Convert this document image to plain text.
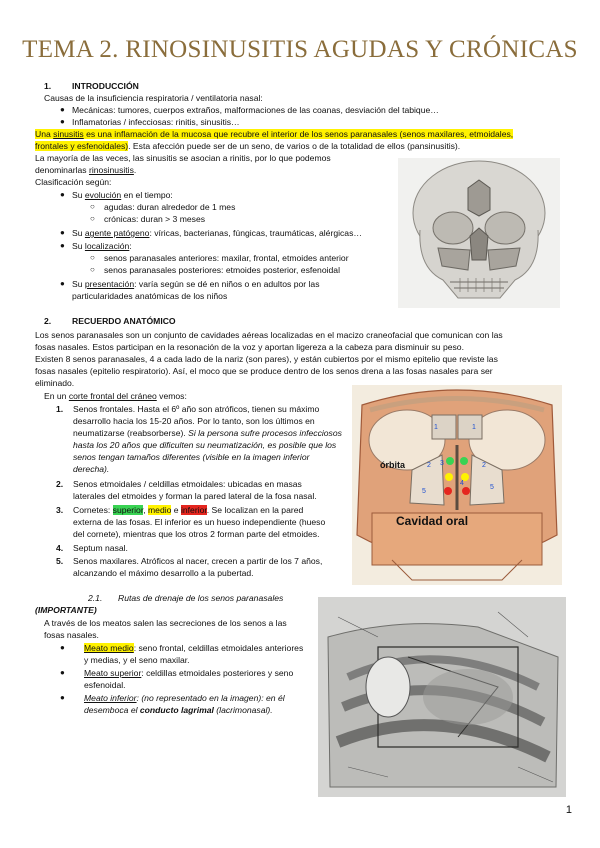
TEMA 2. RINOSINUSITIS AGUDAS Y CRÓNICAS
1. INTRODUCCIÓN
Causas de la insuficiencia respiratoria / ventilatoria nasal:
● Mecánicas: tumores, cuerpos extraños, malformaciones de las coanas, desviación del tabique…
● Inflamatorias / infecciosas: rinitis, sinusitis…
Una sinusitis es una inflamación de la mucosa que recubre el interior de los senos paranasales (senos maxilares, etmoidales,
frontales y esfenoidales). Esta afección puede ser de un seno, de varios o de la totalidad de ellos (pansinusitis).
La mayoría de las veces, las sinusitis se asocian a rinitis, por lo que podemos
denominarlas rinosinusitis.
Clasificación según:
● Su evolución en el tiempo:
○ agudas: duran alrededor de 1 mes
○ crónicas: duran > 3 meses
● Su agente patógeno: víricas, bacterianas, fúngicas, traumáticas, alérgicas…
● Su localización:
○ senos paranasales anteriores: maxilar, frontal, etmoides anterior
○ senos paranasales posteriores: etmoides posterior, esfenoidal
● Su presentación: varía según se dé en niños o en adultos por las
particularidades anatómicas de los niños
2. RECUERDO ANATÓMICO
Los senos paranasales son un conjunto de cavidades aéreas localizadas en el macizo craneofacial que comunican con las
fosas nasales. Estos participan en la resonación de la voz y aportan ligereza a la cabeza para disminuir su peso.
Existen 8 senos paranasales, 4 a cada lado de la nariz (son pares), y están cubiertos por el mismo epitelio que reviste las
fosas nasales (epitelio respiratorio). Así, el moco que se produce dentro de los senos drena a las fosas nasales para ser
eliminado.
En un corte frontal del cráneo vemos:
1. Senos frontales. Hasta el 6º año son atróficos, tienen su máximo
desarrollo hacia los 15-20 años. Por lo tanto, son los últimos en
neumatizarse (reabsorberse). Si la persona sufre procesos infecciosos
hasta los 20 años que dificulten su neumatización, es posible que los
senos tengan tamaños diferentes (visible en la imagen inferior
derecha).
2. Senos etmoidales / celdillas etmoidales: ubicadas en masas
laterales del etmoides y forman la pared lateral de la fosa nasal.
3. Cornetes: superior, medio e inferior. Se localizan en la pared
externa de las fosas. El inferior es un hueso independiente (hueso
del cornete), mientras que los otros 2 forman parte del etmoides.
4. Septum nasal.
5. Senos maxilares. Atróficos al nacer, crecen a partir de los 7 años,
alcanzando el máximo desarrollo a la pubertad.
órbita
Cavidad oral
1
2 3
4
5
5
1
2
2.1. Rutas de drenaje de los senos paranasales
(IMPORTANTE)
A través de los meatos salen las secreciones de los senos a las
fosas nasales.
● Meato medio: seno frontal, celdillas etmoidales anteriores
y medias, y el seno maxilar.
● Meato superior: celdillas etmoidales posteriores y seno
esfenoidal.
● Meato inferior: (no representado en la imagen): en él
desemboca el conducto lagrimal (lacrimonasal).
1
